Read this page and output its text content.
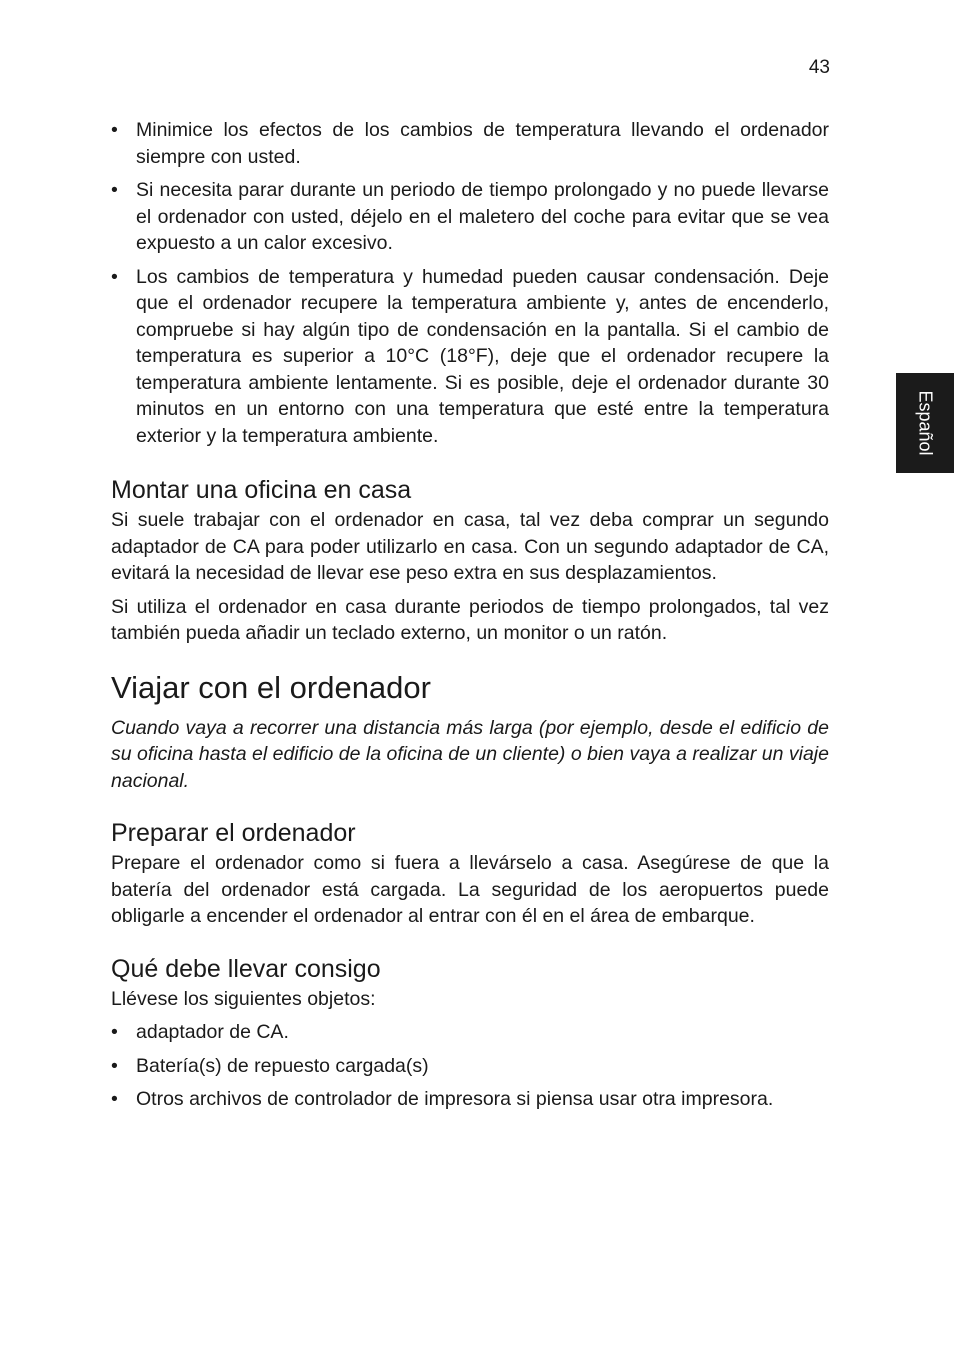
43
Español
• Minimice los efectos de los cambios de temperatura llevando el ordenador siempre con usted.
• Si necesita parar durante un periodo de tiempo prolongado y no puede llevarse el ordenador con usted, déjelo en el maletero del coche para evitar que se vea expuesto a un calor excesivo.
• Los cambios de temperatura y humedad pueden causar condensación. Deje que el ordenador recupere la temperatura ambiente y, antes de encenderlo, compruebe si hay algún tipo de condensación en la pantalla. Si el cambio de temperatura es superior a 10°C (18°F), deje que el ordenador recupere la temperatura ambiente lentamente. Si es posible, deje el ordenador durante 30 minutos en un entorno con una temperatura que esté entre la temperatura exterior y la temperatura ambiente.
Montar una oficina en casa

Si suele trabajar con el ordenador en casa, tal vez deba comprar un segundo adaptador de CA para poder utilizarlo en casa. Con un segundo adaptador de CA, evitará la necesidad de llevar ese peso extra en sus desplazamientos.

Si utiliza el ordenador en casa durante periodos de tiempo prolongados, tal vez también pueda añadir un teclado externo, un monitor o un ratón.

Viajar con el ordenador

Cuando vaya a recorrer una distancia más larga (por ejemplo, desde el edificio de su oficina hasta el edificio de la oficina de un cliente) o bien vaya a realizar un viaje nacional.

Preparar el ordenador

Prepare el ordenador como si fuera a llevárselo a casa. Asegúrese de que la batería del ordenador está cargada. La seguridad de los aeropuertos puede obligarle a encender el ordenador al entrar con él en el área de embarque.

Qué debe llevar consigo

Llévese los siguientes objetos:

• adaptador de CA.
• Batería(s) de repuesto cargada(s)
• Otros archivos de controlador de impresora si piensa usar otra impresora.
